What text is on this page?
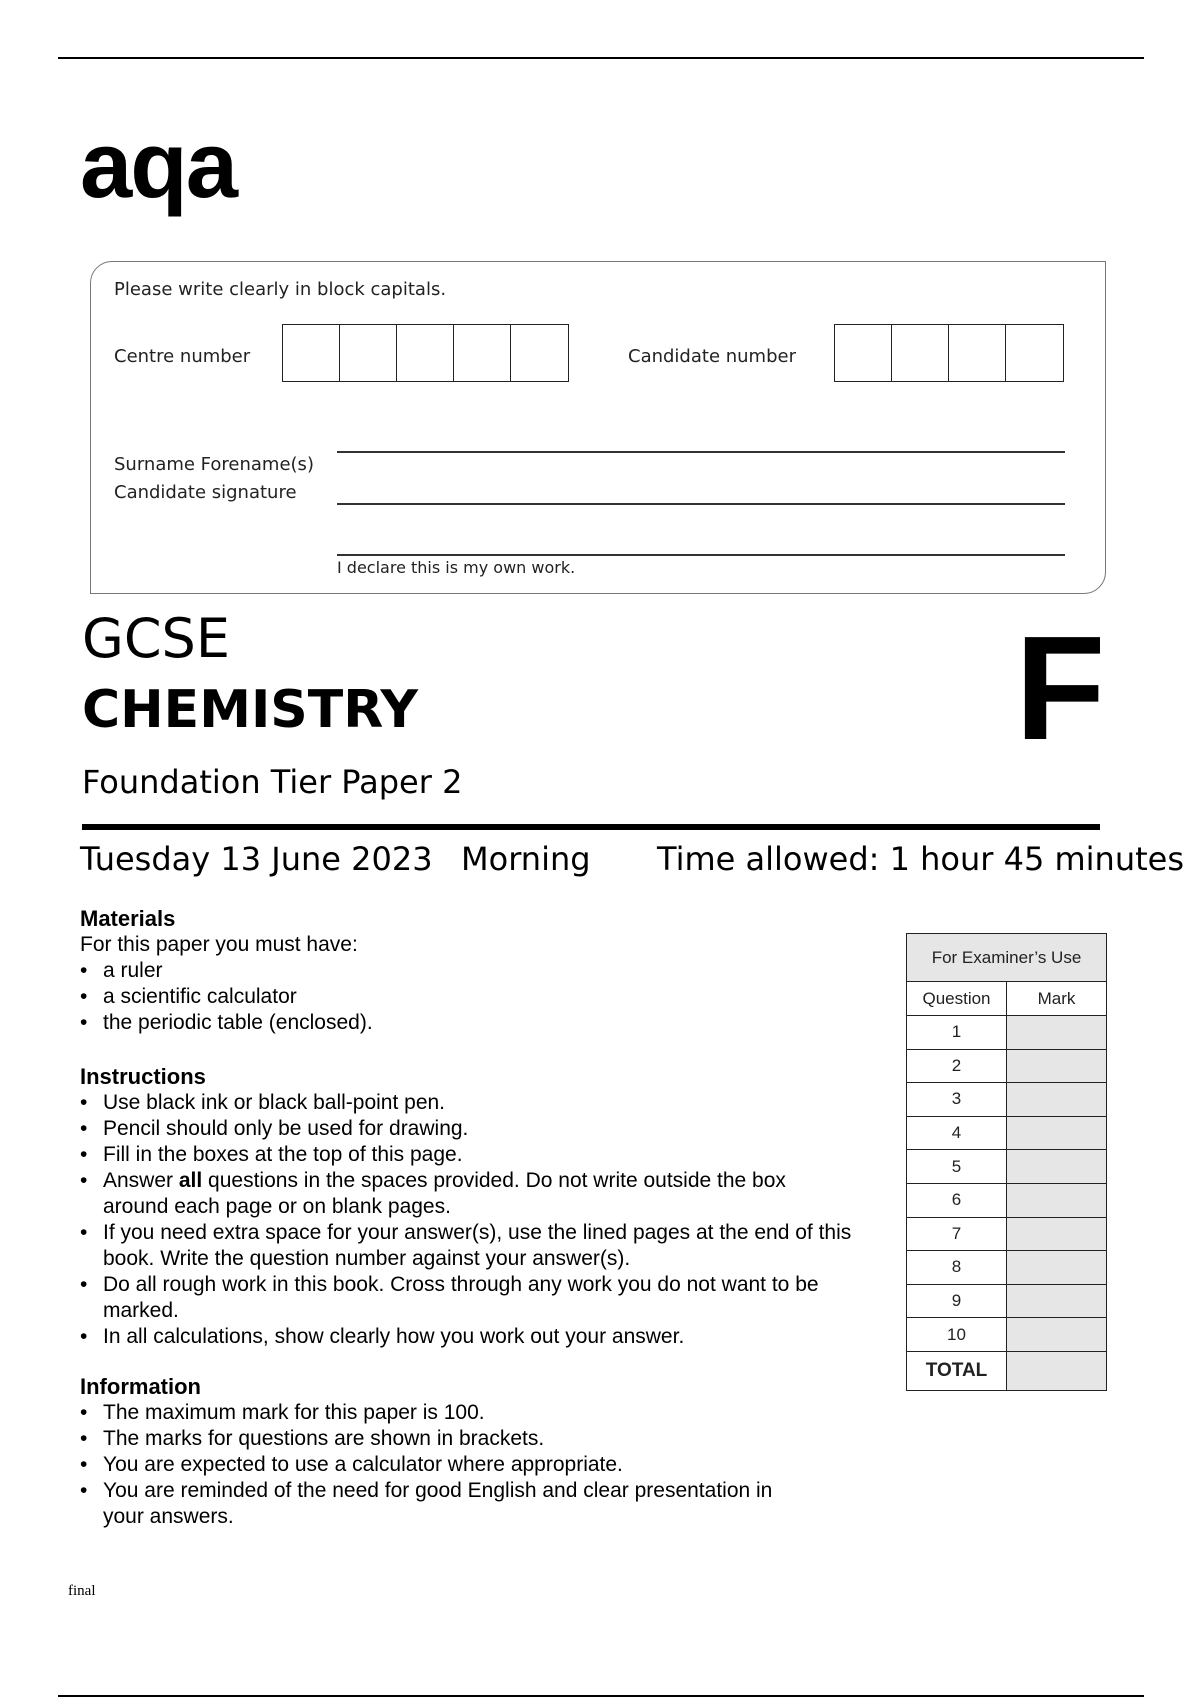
aqa
Please write clearly in block capitals.
Centre number	Candidate number
Surname Forename(s)
Candidate signature
I declare this is my own work.
GCSE
CHEMISTRY
Foundation Tier Paper 2
F
Tuesday 13 June 2023 Morning Time allowed: 1 hour 45 minutes
Materials
For this paper you must have:
• a ruler
• a scientific calculator
• the periodic table (enclosed).
Instructions
• Use black ink or black ball-point pen.
• Pencil should only be used for drawing.
• Fill in the boxes at the top of this page.
• Answer all questions in the spaces provided. Do not write outside the box around each page or on blank pages.
• If you need extra space for your answer(s), use the lined pages at the end of this book. Write the question number against your answer(s).
• Do all rough work in this book. Cross through any work you do not want to be marked.
• In all calculations, show clearly how you work out your answer.
Information
• The maximum mark for this paper is 100.
• The marks for questions are shown in brackets.
• You are expected to use a calculator where appropriate.
• You are reminded of the need for good English and clear presentation in your answers.
For Examiner’s Use	
Question	Mark
1	
2	
3	
4	
5	
6	
7	
8	
9	
10	
TOTAL	
final
